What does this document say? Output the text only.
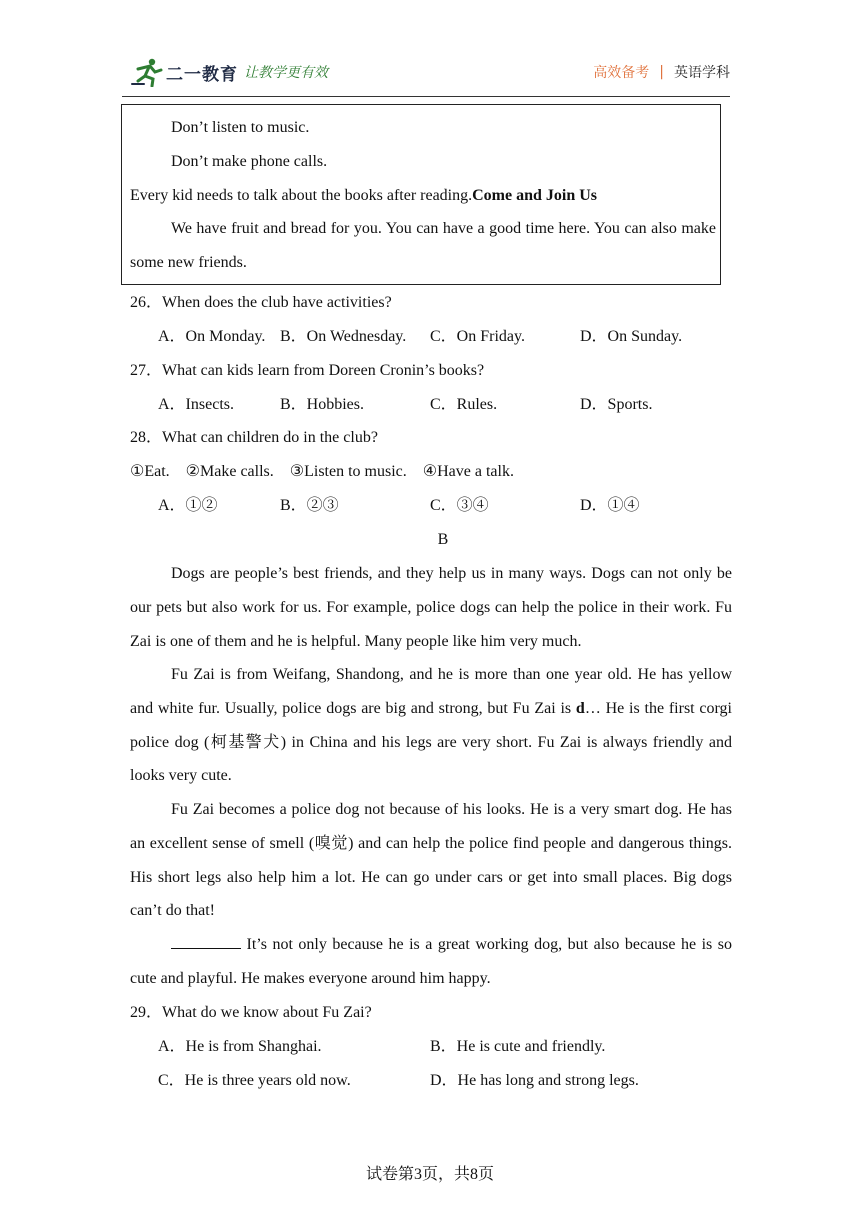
二一教育 让教学更有效	高效备考 | 英语学科
Don’t listen to music.
Don’t make phone calls.
Every kid needs to talk about the books after reading.Come and Join Us
We have fruit and bread for you. You can have a good time here. You can also make some new friends.
26．When does the club have activities?
A．On Monday. B．On Wednesday. C．On Friday.	D．On Sunday.
27．What can kids learn from Doreen Cronin’s books?
A．Insects.	B．Hobbies.	C．Rules.	D．Sports.
28．What can children do in the club?
①Eat.    ②Make calls.    ③Listen to music.    ④Have a talk.
A．①②	B．②③	C．③④	D．①④
B
Dogs are people’s best friends, and they help us in many ways. Dogs can not only be our pets but also work for us. For example, police dogs can help the police in their work. Fu Zai is one of them and he is helpful. Many people like him very much.
Fu Zai is from Weifang, Shandong, and he is more than one year old. He has yellow and white fur. Usually, police dogs are big and strong, but Fu Zai is d… He is the first corgi police dog (柯基警犬) in China and his legs are very short. Fu Zai is always friendly and looks very cute.
Fu Zai becomes a police dog not because of his looks. He is a very smart dog. He has an excellent sense of smell (嗅觉) and can help the police find people and dangerous things. His short legs also help him a lot. He can go under cars or get into small places. Big dogs can’t do that!
It’s not only because he is a great working dog, but also because he is so cute and playful. He makes everyone around him happy.
29．What do we know about Fu Zai?
A．He is from Shanghai.	B．He is cute and friendly.
C．He is three years old now.	D．He has long and strong legs.
试卷第3页，共8页
